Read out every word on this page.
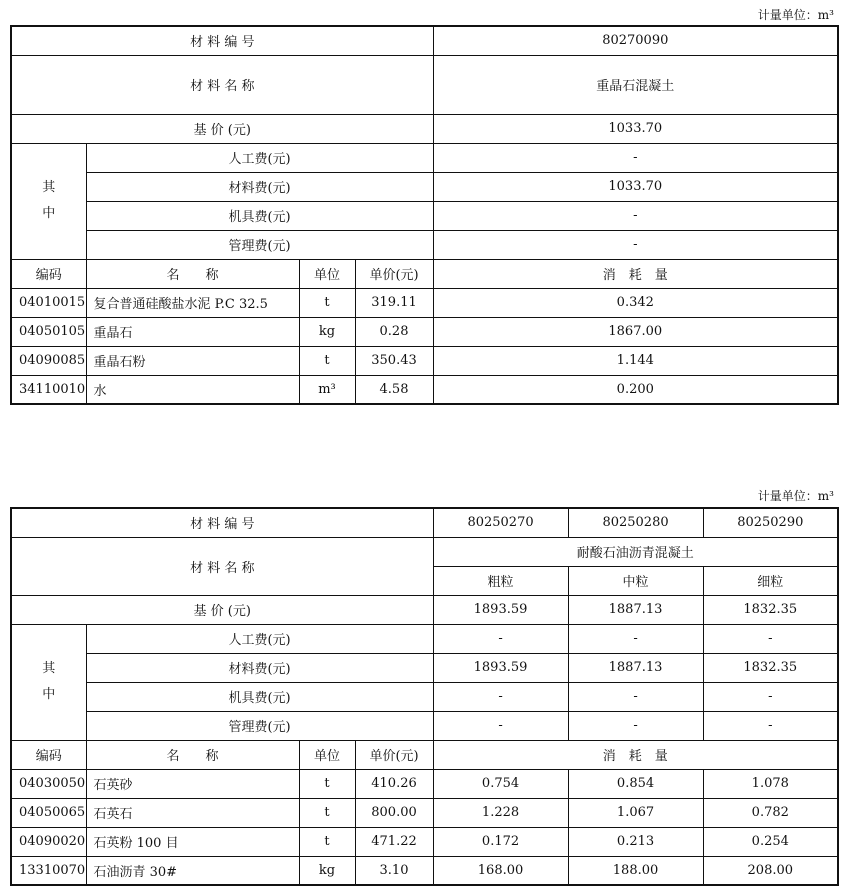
计量单位：m³
材 料 编 号				80270090
材 料 名 称				重晶石混凝土
基 价 (元)				1033.70

其
中	人工费(元)			-
	材料费(元)			1033.70
	机具费(元)			-
	管理费(元)			-
编码	名　　称	单位	单价(元)	消　耗　量
04010015	复合普通硅酸盐水泥 P.C 32.5	t	319.11	0.342
04050105	重晶石	kg	0.28	1867.00
04090085	重晶石粉	t	350.43	1.144
34110010	水	m³	4.58	0.200
计量单位：m³
材 料 编 号				80250270	80250280	80250290
材 料 名 称				耐酸石油沥青混凝土		
				粗粒	中粒	细粒
基 价 (元)				1893.59	1887.13	1832.35

其
中	人工费(元)			-	-	-
	材料费(元)			1893.59	1887.13	1832.35
	机具费(元)			-	-	-
	管理费(元)			-	-	-
编码	名　　称	单位	单价(元)	消　耗　量		
04030050	石英砂	t	410.26	0.754	0.854	1.078
04050065	石英石	t	800.00	1.228	1.067	0.782
04090020	石英粉 100 目	t	471.22	0.172	0.213	0.254
13310070	石油沥青 30#	kg	3.10	168.00	188.00	208.00
